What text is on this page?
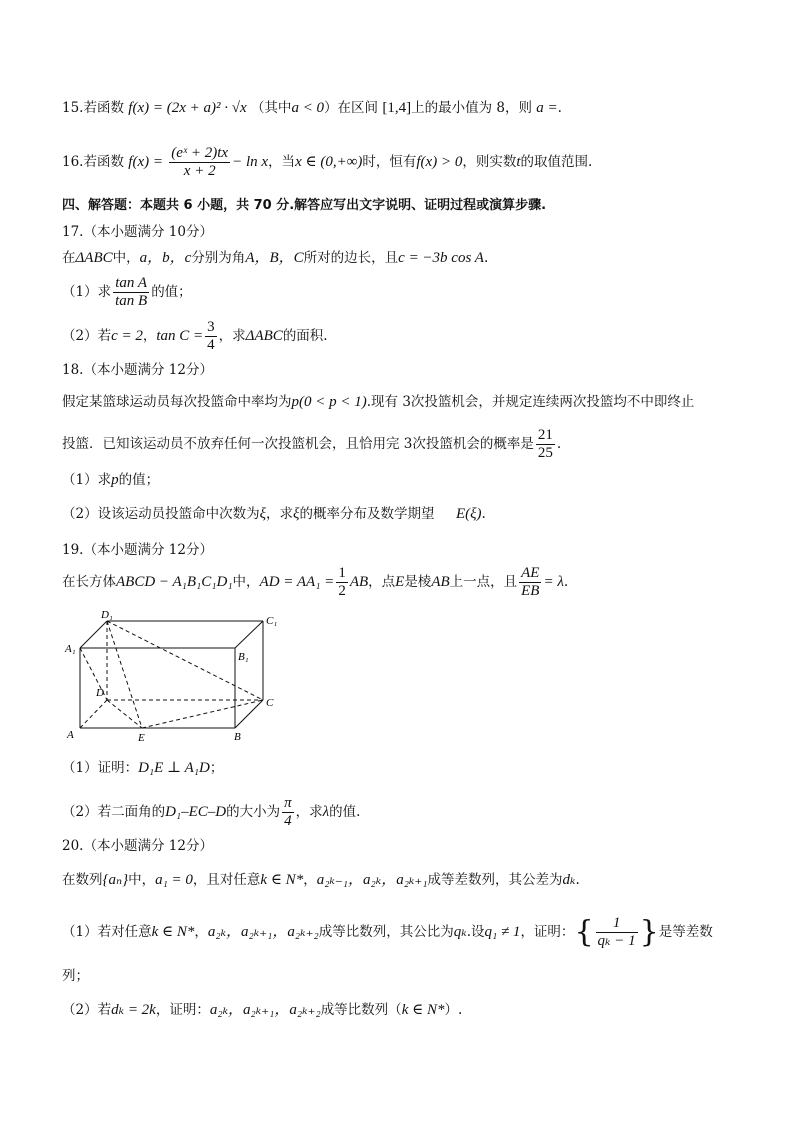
15.若函数 f(x) = (2x + a)² · √x （其中a < 0）在区间 [1,4]上的最小值为 8，则 a =.
16.若函数 $f(x) = \frac{\text{(eˣ + 2)tx}}{x + 2} - \ln x$，当x ∈ (0,+∞)时，恒有f(x) > 0，则实数t的取值范围.
四、解答题：本题共 6 小题，共 70 分.解答应写出文字说明、证明过程或演算步骤.
17.（本小题满分 10分）
在ΔABC中，a，b，c分别为角A，B，C所对的边长，且c = −3b cos A.
（1）求 $\frac{\text{tan A}}{\text{tan B}}$ 的值；
（2）若c = 2，$\tan C = \frac{3}{4}$ ，求ΔABC的面积.
18.（本小题满分 12分）
假定某篮球运动员每次投篮命中率均为p(0 < p < 1).现有 3次投篮机会，并规定连续两次投篮均不中即终止
投篮．已知该运动员不放弃任何一次投篮机会，且恰用完 3次投篮机会的概率是 $\frac{21}{25}$ .
（1）求p的值；
（2）设该运动员投篮命中次数为ξ，求ξ的概率分布及数学期望 E(ξ).
19.（本小题满分 12分）
在长方体ABCD − A₁B₁C₁D₁中，AD = $AA_1 = \frac{1}{2}$ AB，点E是棱AB上一点，且 $\frac{AE}{EB} = \lambda$.
D₁	C₁
A₁
B₁
D
C
A	E	B
（1）证明：D₁E ⊥ A₁D；
（2）若二面角的D₁–EC–D的大小为 $\frac{\pi}{4}$ ，求λ的值.
20.（本小题满分 12分）
在数列{aₙ}中，a₁ = 0，且对任意k ∈ N*，a₂ₖ₋₁，a₂ₖ，a₂ₖ₊₁成等差数列，其公差为dₖ.
（1）若对任意k ∈ N*，a₂ₖ，a₂ₖ₊₁，a₂ₖ₊₂成等比数列，其公比为qₖ.设q₁ ≠ 1，证明：{ $\frac{1}{\text{qₖ − 1}}$ }是等差数
列；
（2）若dₖ = 2k，证明：a₂ₖ，a₂ₖ₊₁，a₂ₖ₊₂成等比数列（k ∈ N*）.
